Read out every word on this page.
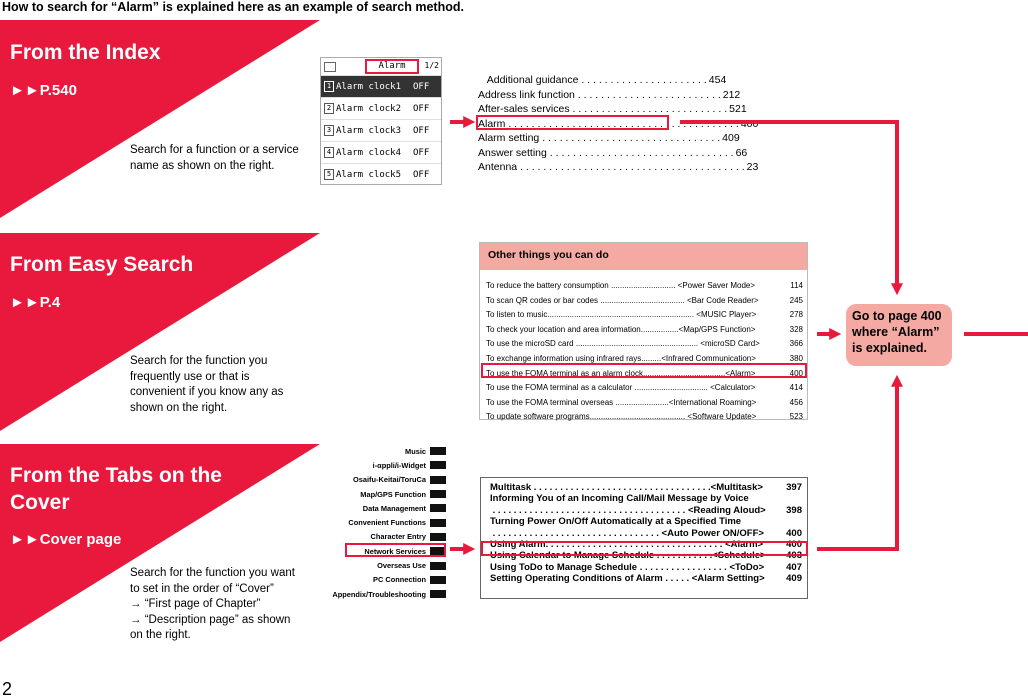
How to search for “Alarm” is explained here as an example of search method.
From the Index
►►P.540
Search for a function or a service
name as shown on the right.
From Easy Search
►►P.4
Search for the function you
frequently use or that is
convenient if you know any as
shown on the right.
From the Tabs on the
Cover
►►Cover page
Search for the function you want
to set in the order of “Cover”
→ “First page of Chapter”
→ “Description page” as shown
on the right.
Alarm	1/2
1 Alarm clock1	OFF
2 Alarm clock2	OFF
3 Alarm clock3	OFF
4 Alarm clock4	OFF
5 Alarm clock5	OFF
Additional guidance . . . . . . . . . . . . . . . . . . . . . . 454
Address link function . . . . . . . . . . . . . . . . . . . . . . . . . 212
After-sales services . . . . . . . . . . . . . . . . . . . . . . . . . . . 521
Alarm . . . . . . . . . . . . . . . . . . . . . . . . . . . . . . . . . . . . . . . . 400
Alarm setting . . . . . . . . . . . . . . . . . . . . . . . . . . . . . . . 409
Answer setting . . . . . . . . . . . . . . . . . . . . . . . . . . . . . . . . 66
Antenna . . . . . . . . . . . . . . . . . . . . . . . . . . . . . . . . . . . . . . . 23
Other things you can do
To reduce the battery consumption ............................. <Power Saver Mode>	114
To scan QR codes or bar codes ...................................... <Bar Code Reader>	245
To listen to music.................................................................. <MUSIC Player>	278
To check your location and area information.................<Map/GPS Function>	328
To use the microSD card ....................................................... <microSD Card>	366
To exchange information using infrared rays.........<Infrared Communication>	380
To use the FOMA terminal as an alarm clock.....................................<Alarm>	400
To use the FOMA terminal as a calculator ................................. <Calculator>	414
To use the FOMA terminal overseas ........................<International Roaming>	456
To update software programs........................................... <Software Update>	523
Music
i-αppli/i-Widget
Osaifu-Keitai/ToruCa
Map/GPS Function
Data Management
Convenient Functions
Character Entry
Network Services
Overseas Use
PC Connection
Appendix/Troubleshooting
Multitask . . . . . . . . . . . . . . . . . . . . . . . . . . . . . . . . . .<Multitask>	397
Informing You of an Incoming Call/Mail Message by Voice
. . . . . . . . . . . . . . . . . . . . . . . . . . . . . . . . . . . . . <Reading Aloud>	398
Turning Power On/Off Automatically at a Specified Time
. . . . . . . . . . . . . . . . . . . . . . . . . . . . . . . . <Auto Power ON/OFF>	400
Using Alarm. . . . . . . . . . . . . . . . . . . . . . . . . . . . . . . . . . <Alarm>	400
Using Calendar to Manage Schedule . . . . . . . . . . .<Schedule>	403
Using ToDo to Manage Schedule . . . . . . . . . . . . . . . . . <ToDo>	407
Setting Operating Conditions of Alarm . . . . . <Alarm Setting>	409
Go to page 400
where “Alarm”
is explained.
2
